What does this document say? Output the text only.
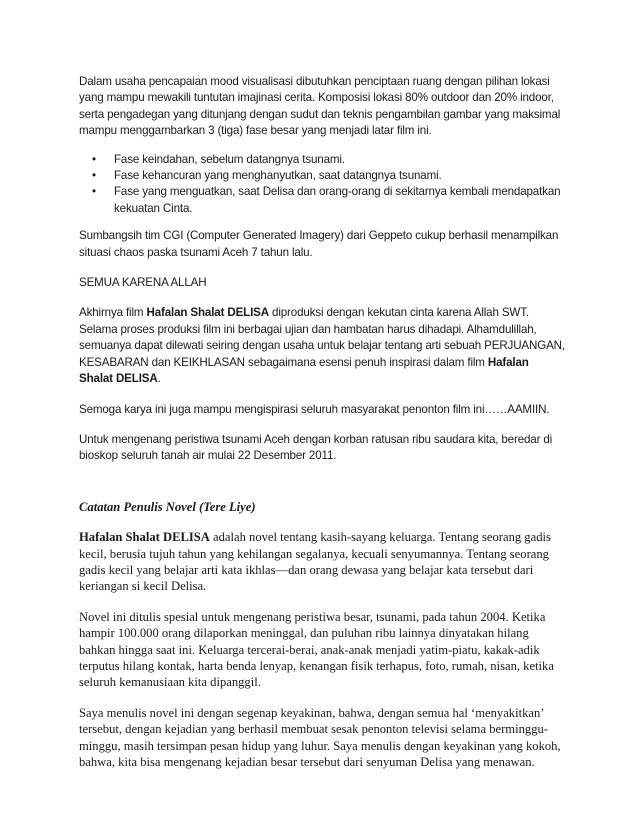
Dalam usaha pencapaian mood visualisasi dibutuhkan penciptaan ruang dengan pilihan lokasi yang mampu mewakili tuntutan imajinasi cerita. Komposisi lokasi 80% outdoor dan 20% indoor, serta pengadegan yang ditunjang dengan sudut dan teknis pengambilan gambar yang maksimal mampu menggambarkan 3 (tiga) fase besar yang menjadi latar film ini.

• Fase keindahan, sebelum datangnya tsunami.
• Fase kehancuran yang menghanyutkan, saat datangnya tsunami.
• Fase yang menguatkan, saat Delisa dan orang-orang di sekitarnya kembali mendapatkan kekuatan Cinta.

Sumbangsih tim CGI (Computer Generated Imagery) dari Geppeto cukup berhasil menampilkan situasi chaos paska tsunami Aceh 7 tahun lalu.

SEMUA KARENA ALLAH

Akhirnya film Hafalan Shalat DELISA diproduksi dengan kekutan cinta karena Allah SWT. Selama proses produksi film ini berbagai ujian dan hambatan harus dihadapi. Alhamdulillah, semuanya dapat dilewati seiring dengan usaha untuk belajar tentang arti sebuah PERJUANGAN, KESABARAN dan KEIKHLASAN sebagaimana esensi penuh inspirasi dalam film Hafalan Shalat DELISA.

Semoga karya ini juga mampu mengispirasi seluruh masyarakat penonton film ini……AAMIIN.

Untuk mengenang peristiwa tsunami Aceh dengan korban ratusan ribu saudara kita, beredar di bioskop seluruh tanah air mulai 22 Desember 2011.

Catatan Penulis Novel (Tere Liye)

Hafalan Shalat DELISA adalah novel tentang kasih-sayang keluarga. Tentang seorang gadis kecil, berusia tujuh tahun yang kehilangan segalanya, kecuali senyumannya. Tentang seorang gadis kecil yang belajar arti kata ikhlas—dan orang dewasa yang belajar kata tersebut dari keriangan si kecil Delisa.

Novel ini ditulis spesial untuk mengenang peristiwa besar, tsunami, pada tahun 2004. Ketika hampir 100.000 orang dilaporkan meninggal, dan puluhan ribu lainnya dinyatakan hilang bahkan hingga saat ini. Keluarga tercerai-berai, anak-anak menjadi yatim-piatu, kakak-adik terputus hilang kontak, harta benda lenyap, kenangan fisik terhapus, foto, rumah, nisan, ketika seluruh kemanusiaan kita dipanggil.

Saya menulis novel ini dengan segenap keyakinan, bahwa, dengan semua hal ‘menyakitkan’ tersebut, dengan kejadian yang berhasil membuat sesak penonton televisi selama berminggu-minggu, masih tersimpan pesan hidup yang luhur. Saya menulis dengan keyakinan yang kokoh, bahwa, kita bisa mengenang kejadian besar tersebut dari senyuman Delisa yang menawan.
